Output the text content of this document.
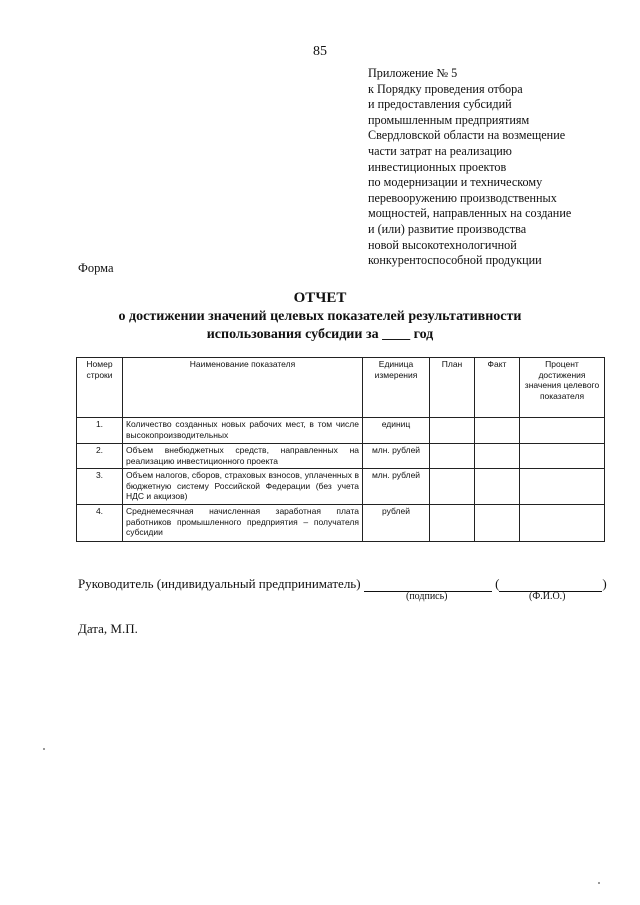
85
Приложение № 5
к Порядку проведения отбора
и предоставления субсидий
промышленным предприятиям
Свердловской области на возмещение
части затрат на реализацию
инвестиционных проектов
по модернизации и техническому
перевооружению производственных
мощностей, направленных на создание
и (или) развитие производства
новой высокотехнологичной
конкурентоспособной продукции
Форма
ОТЧЕТ
о достижении значений целевых показателей результативности
использования субсидии за ____ год
Номер строки	Наименование показателя	Единица измерения	План	Факт	Процент достижения значения целевого показателя
1.	Количество созданных новых рабочих мест, в том числе высокопроизводительных	единиц			
2.	Объем внебюджетных средств, направленных на реализацию инвестиционного проекта	млн. рублей			
3.	Объем налогов, сборов, страховых взносов, уплаченных в бюджетную систему Российской Федерации (без учета НДС и акцизов)	млн. рублей			
4.	Среднемесячная начисленная заработная плата работников промышленного предприятия – получателя субсидии	рублей			
Руководитель (индивидуальный предприниматель)	(	)
(подпись)	(Ф.И.О.)
Дата, М.П.
